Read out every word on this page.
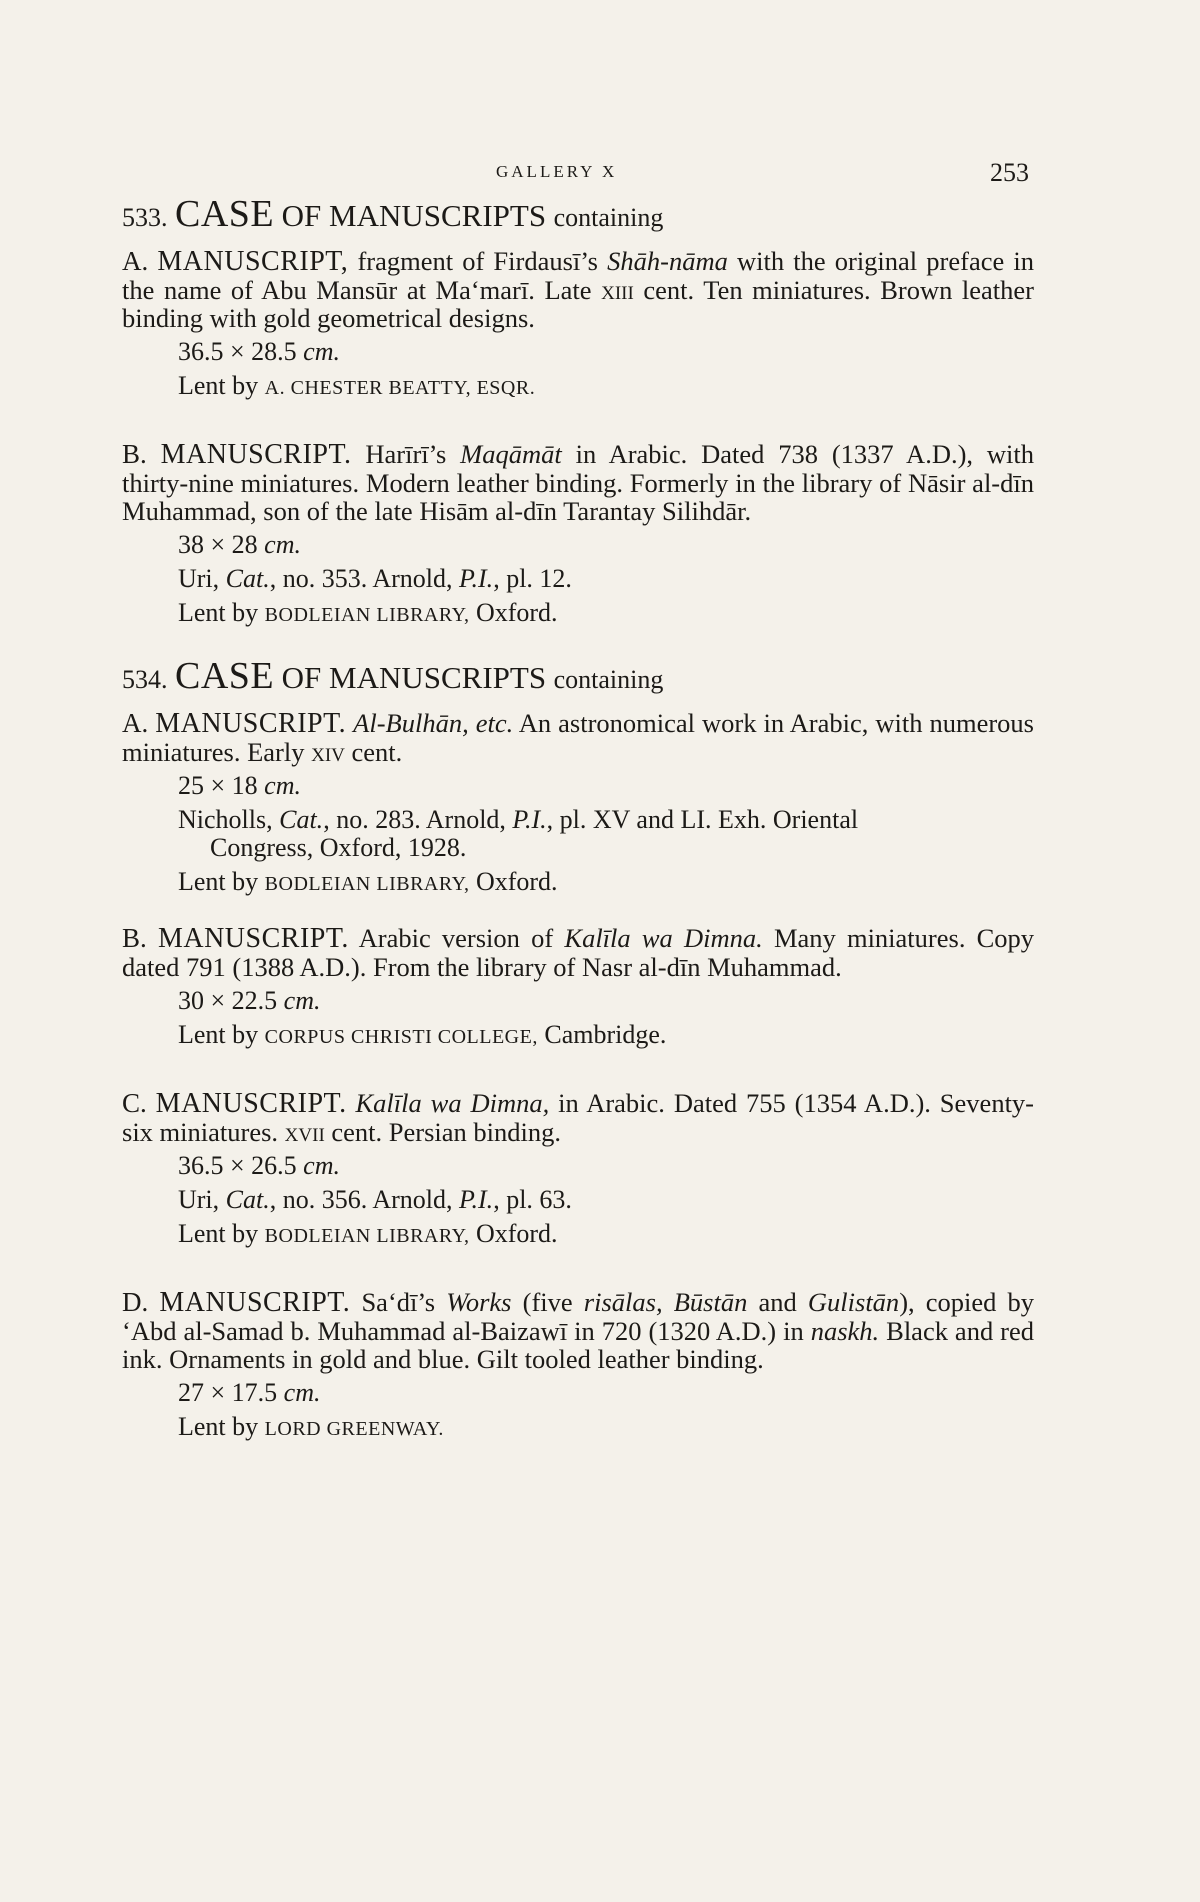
GALLERY X	253
533. CASE OF MANUSCRIPTS containing

A. MANUSCRIPT, fragment of Firdausī’s Shāh-nāma with the original preface in the name of Abu Mansūr at Ma‘marī. Late xiii cent. Ten miniatures. Brown leather binding with gold geometrical designs.

36.5 × 28.5 cm.

Lent by A. CHESTER BEATTY, ESQR.

B. MANUSCRIPT. Harīrī’s Maqāmāt in Arabic. Dated 738 (1337 A.D.), with thirty-nine miniatures. Modern leather binding. Formerly in the library of Nāsir al-dīn Muhammad, son of the late Hisām al-dīn Tarantay Silihdār.

38 × 28 cm.

Uri, Cat., no. 353. Arnold, P.I., pl. 12.

Lent by BODLEIAN LIBRARY, Oxford.

534. CASE OF MANUSCRIPTS containing

A. MANUSCRIPT. Al-Bulhān, etc. An astronomical work in Arabic, with numerous miniatures. Early xiv cent.

25 × 18 cm.

Nicholls, Cat., no. 283. Arnold, P.I., pl. XV and LI. Exh. Oriental

Congress, Oxford, 1928.

Lent by BODLEIAN LIBRARY, Oxford.

B. MANUSCRIPT. Arabic version of Kalīla wa Dimna. Many miniatures. Copy dated 791 (1388 A.D.). From the library of Nasr al-dīn Muhammad.

30 × 22.5 cm.

Lent by CORPUS CHRISTI COLLEGE, Cambridge.

C. MANUSCRIPT. Kalīla wa Dimna, in Arabic. Dated 755 (1354 A.D.). Seventy-six miniatures. xvii cent. Persian binding.

36.5 × 26.5 cm.

Uri, Cat., no. 356. Arnold, P.I., pl. 63.

Lent by BODLEIAN LIBRARY, Oxford.

D. MANUSCRIPT. Sa‘dī’s Works (five risālas, Būstān and Gulistān), copied by ‘Abd al-Samad b. Muhammad al-Baizawī in 720 (1320 A.D.) in naskh. Black and red ink. Ornaments in gold and blue. Gilt tooled leather binding.

27 × 17.5 cm.

Lent by LORD GREENWAY.
